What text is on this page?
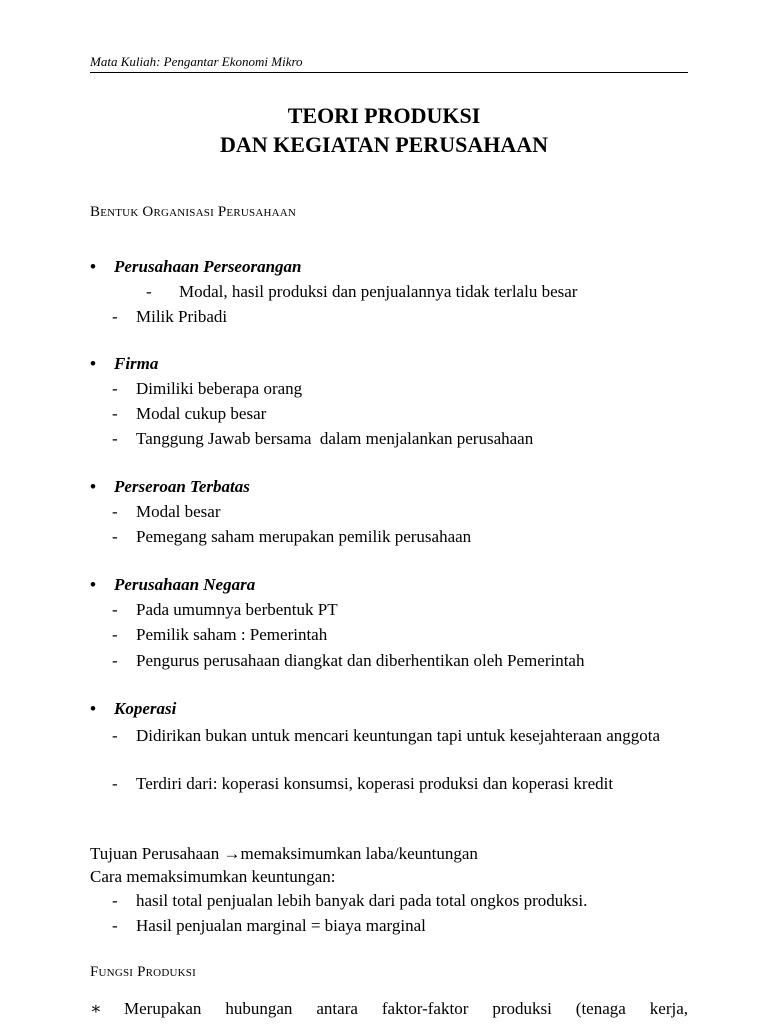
Mata Kuliah: Pengantar Ekonomi Mikro
TEORI PRODUKSI
DAN KEGIATAN PERUSAHAAN
Bentuk Organisasi Perusahaan
• Perusahaan Perseorangan
- Modal, hasil produksi dan penjualannya tidak terlalu besar
- Milik Pribadi
• Firma
- Dimiliki beberapa orang
- Modal cukup besar
- Tanggung Jawab bersama  dalam menjalankan perusahaan
• Perseroan Terbatas
- Modal besar
- Pemegang saham merupakan pemilik perusahaan
• Perusahaan Negara
- Pada umumnya berbentuk PT
- Pemilik saham : Pemerintah
- Pengurus perusahaan diangkat dan diberhentikan oleh Pemerintah
• Koperasi
- Didirikan bukan untuk mencari keuntungan tapi untuk kesejahteraan anggota
- Terdiri dari: koperasi konsumsi, koperasi produksi dan koperasi kredit
Tujuan Perusahaan →memaksimumkan laba/keuntungan
Cara memaksimumkan keuntungan:
- hasil total penjualan lebih banyak dari pada total ongkos produksi.
- Hasil penjualan marginal = biaya marginal
Fungsi Produksi
∗ Merupakan hubungan antara faktor-faktor produksi (tenaga kerja,
